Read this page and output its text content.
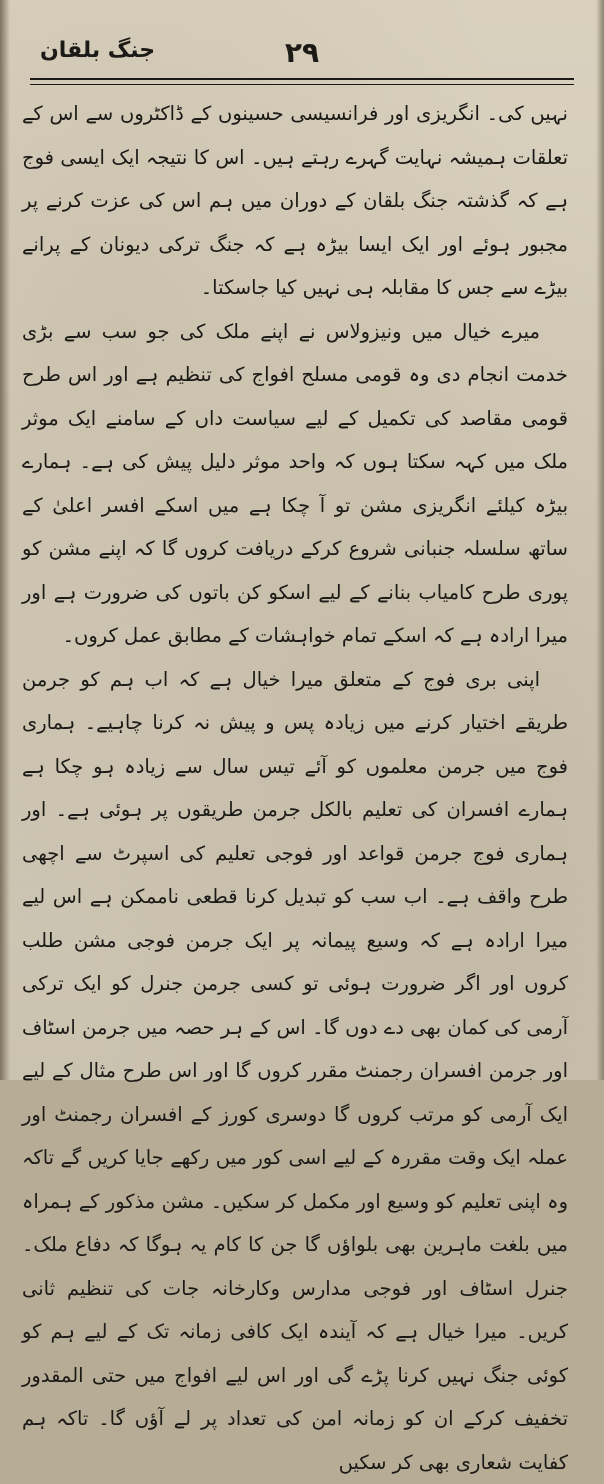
جنگ بلقان	۲۹

نہیں کی۔ انگریزی اور فرانسیسی حسینوں کے ڈاکٹروں سے اس کے تعلقات ہمیشہ نہایت گہرے رہتے ہیں۔ اس کا نتیجہ ایک ایسی فوج ہے کہ گذشتہ جنگ بلقان کے دوران میں ہم اس کی عزت کرنے پر مجبور ہوئے اور ایک ایسا بیڑہ ہے کہ جنگ ترکی دیونان کے پرانے بیڑے سے جس کا مقابلہ ہی نہیں کیا جاسکتا۔

میرے خیال میں ونیزولاس نے اپنے ملک کی جو سب سے بڑی خدمت انجام دی وہ قومی مسلح افواج کی تنظیم ہے اور اس طرح قومی مقاصد کی تکمیل کے لیے سیاست داں کے سامنے ایک موثر ملک میں کہہ سکتا ہوں کہ واحد موثر دلیل پیش کی ہے۔ ہمارے بیڑہ کیلئے انگریزی مشن تو آ چکا ہے میں اسکے افسر اعلیٰ کے ساتھ سلسلہ جنبانی شروع کرکے دریافت کروں گا کہ اپنے مشن کو پوری طرح کامیاب بنانے کے لیے اسکو کن باتوں کی ضرورت ہے اور میرا ارادہ ہے کہ اسکے تمام خواہشات کے مطابق عمل کروں۔

اپنی بری فوج کے متعلق میرا خیال ہے کہ اب ہم کو جرمن طریقے اختیار کرنے میں زیادہ پس و پیش نہ کرنا چاہیے۔ ہماری فوج میں جرمن معلموں کو آئے تیس سال سے زیادہ ہو چکا ہے ہمارے افسران کی تعلیم بالکل جرمن طریقوں پر ہوئی ہے۔ اور ہماری فوج جرمن قواعد اور فوجی تعلیم کی اسپرٹ سے اچھی طرح واقف ہے۔ اب سب کو تبدیل کرنا قطعی ناممکن ہے اس لیے میرا ارادہ ہے کہ وسیع پیمانہ پر ایک جرمن فوجی مشن طلب کروں اور اگر ضرورت ہوئی تو کسی جرمن جنرل کو ایک ترکی آرمی کی کمان بھی دے دوں گا۔ اس کے ہر حصہ میں جرمن اسٹاف اور جرمن افسران رجمنٹ مقرر کروں گا اور اس طرح مثال کے لیے ایک آرمی کو مرتب کروں گا دوسری کورز کے افسران رجمنٹ اور عملہ ایک وقت مقررہ کے لیے اسی کور میں رکھے جایا کریں گے تاکہ وہ اپنی تعلیم کو وسیع اور مکمل کر سکیں۔ مشن مذکور کے ہمراہ میں بلغت ماہرین بھی بلواؤں گا جن کا کام یہ ہوگا کہ دفاع ملک۔ جنرل اسٹاف اور فوجی مدارس وکارخانہ جات کی تنظیم ثانی کریں۔ میرا خیال ہے کہ آیندہ ایک کافی زمانہ تک کے لیے ہم کو کوئی جنگ نہیں کرنا پڑے گی اور اس لیے افواج میں حتی المقدور تخفیف کرکے ان کو زمانہ امن کی تعداد پر لے آؤں گا۔ تاکہ ہم کفایت شعاری بھی کر سکیں
